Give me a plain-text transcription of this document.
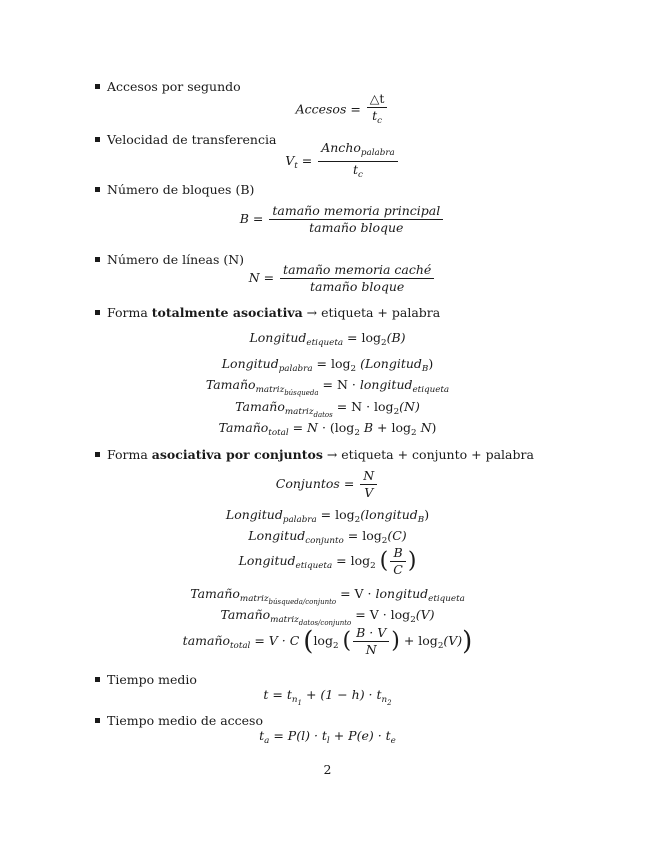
Accesos por segundo
Accesos = $\frac{\triangle t}{t_c}$
Velocidad de transferencia
$V_t = \frac{Ancho_{palabra}}{t_c}$
Número de bloques (B)
$B = \frac{\text{tamaño memoria principal}}{\text{tamaño bloque}}$
Número de líneas (N)
$N = \frac{\text{tamaño memoria caché}}{\text{tamaño bloque}}$
Forma totalmente asociativa → etiqueta + palabra
Longitud$_{etiqueta}$ = $\log_2(B)$
Longitud$_{palabra}$ = $\log_2$ (Longitud$_B$)
Tamaño$_{matriz_{búsqueda}}$ = N · longitud$_{etiqueta}$
Tamaño$_{matriz_{datos}}$ = $N \cdot \log_2(N)$
Tamaño$_{total}$ = $N \cdot (\log_2$ $B + \log_2 N$)
Forma asociativa por conjuntos → etiqueta + conjunto + palabra
Conjuntos = $\frac{N}{V}$
Longitud$_{palabra}$ = $\log_2(longitud_B)$
Longitud$_{conjunto}$ = $\log_2(C)$
Longitud$_{etiqueta}$ = $\log_2$ ( $\frac{B}{C}$ )
Tamaño$_{matriz_{búsqueda/conjunto}}$ = V · longitud$_{etiqueta}$
Tamaño$_{matriz_{datos/conjunto}}$ = $V \cdot \log_2(V)$
tamaño$_{total}$ = V · C ($\log_2$ ( $\frac{B \cdot V}{N}$ ) + $\log_2(V)$)
Tiempo medio
$t = t_{n_1} + (1 - h) \cdot t_{n_2}$
Tiempo medio de acceso
$t_a = P(l) \cdot t_l + P(e) \cdot t_e$
2
